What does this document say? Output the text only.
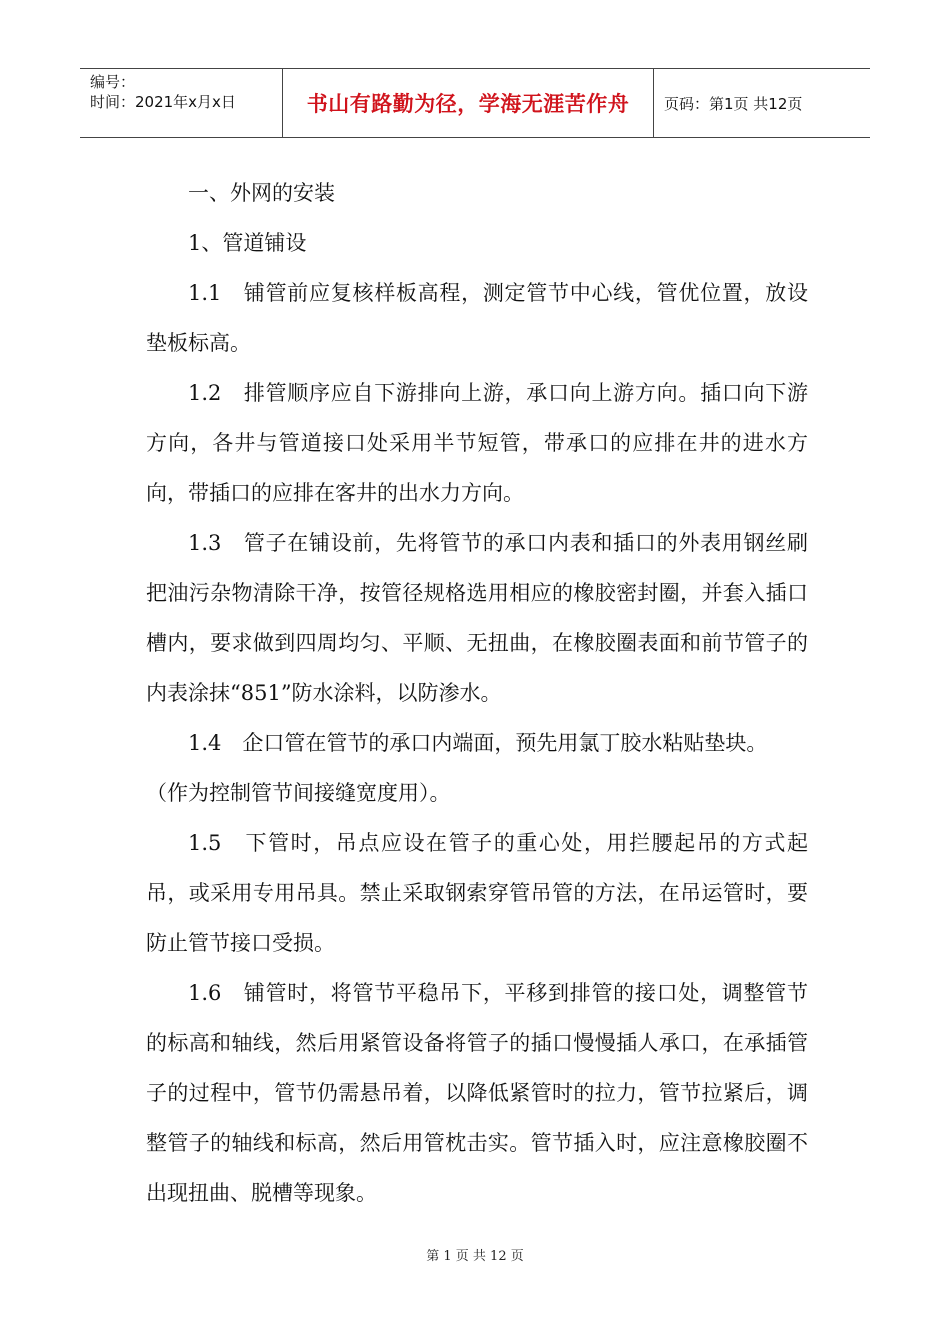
编号：
时间：2021年x月x日	书山有路勤为径，学海无涯苦作舟 页码：第1页 共12页

一、外网的安装

1、管道铺设

1.1　铺管前应复核样板高程，测定管节中心线，管优位置，放设垫板标高。

1.2　排管顺序应自下游排向上游，承口向上游方向。插口向下游方向，各井与管道接口处采用半节短管，带承口的应排在井的进水方向，带插口的应排在客井的出水力方向。

1.3　管子在铺设前，先将管节的承口内表和插口的外表用钢丝刷把油污杂物清除干净，按管径规格选用相应的橡胶密封圈，并套入插口槽内，要求做到四周均匀、平顺、无扭曲，在橡胶圈表面和前节管子的内表涂抹“851”防水涂料，以防渗水。

1.4　企口管在管节的承口内端面，预先用氯丁胶水粘贴垫块。

（作为控制管节间接缝宽度用）。

1.5　下管时，吊点应设在管子的重心处，用拦腰起吊的方式起吊，或采用专用吊具。禁止采取钢索穿管吊管的方法，在吊运管时，要防止管节接口受损。

1.6　铺管时，将管节平稳吊下，平移到排管的接口处，调整管节的标高和轴线，然后用紧管设备将管子的插口慢慢插人承口，在承插管子的过程中，管节仍需悬吊着，以降低紧管时的拉力，管节拉紧后，调整管子的轴线和标高，然后用管枕击实。管节插入时，应注意橡胶圈不出现扭曲、脱槽等现象。

第 1 页 共 12 页
